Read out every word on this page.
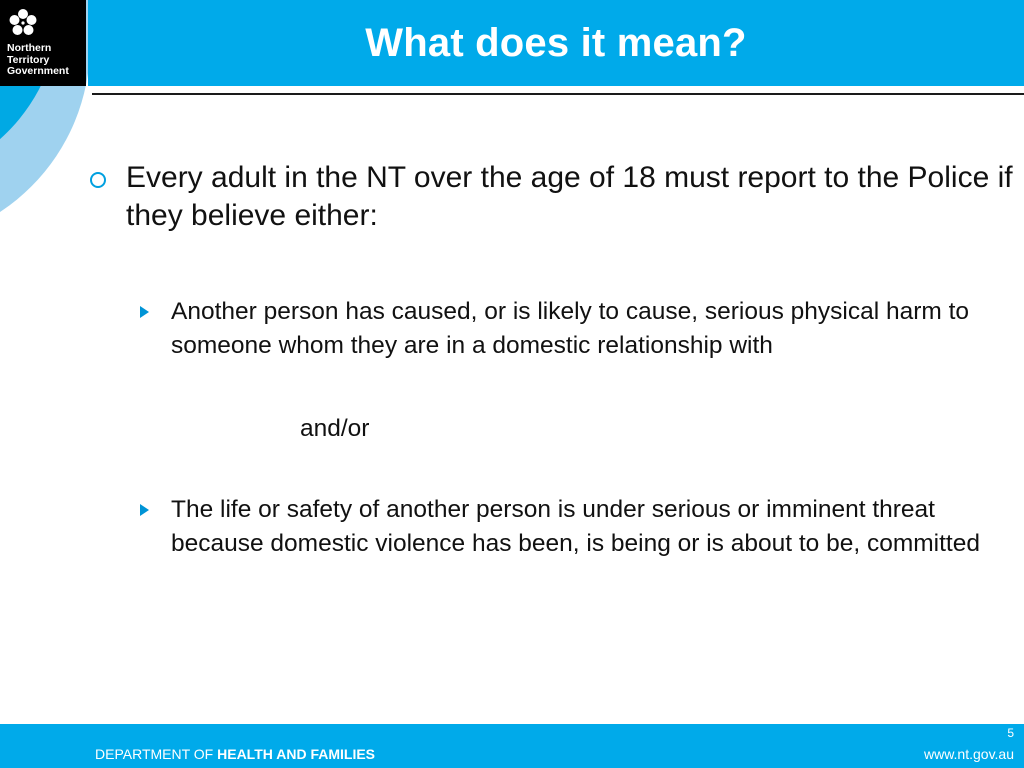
What does it mean?
Northern
Territory
Government
Every adult in the NT over the age of 18 must report to the Police if they believe either:
Another person has caused, or is likely to cause, serious physical harm to someone whom they are in a domestic relationship with
and/or
The life or safety of another person is under serious or imminent threat because domestic violence has been, is being or is about to be, committed
5
DEPARTMENT OF HEALTH AND FAMILIES	www.nt.gov.au
